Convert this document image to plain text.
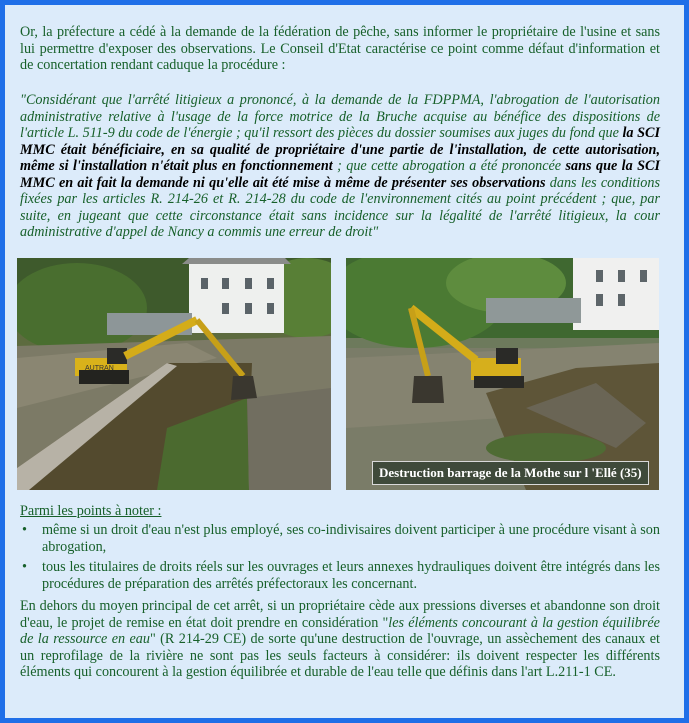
Or, la préfecture a cédé à la demande de la fédération de pêche, sans informer le propriétaire de l'usine et sans lui permettre d'exposer des observations. Le Conseil d'Etat caractérise ce point comme défaut d'information et de concertation rendant caduque la procédure :
"Considérant que l'arrêté litigieux a prononcé, à la demande de la FDPPMA, l'abrogation de l'autorisation administrative relative à l'usage de la force motrice de la Bruche acquise au bénéfice des dispositions de l'article L. 511-9 du code de l'énergie ; qu'il ressort des pièces du dossier soumises aux juges du fond que la SCI MMC était bénéficiaire, en sa qualité de propriétaire d'une partie de l'installation, de cette autorisation, même si l'installation n'était plus en fonctionnement ; que cette abrogation a été prononcée sans que la SCI MMC en ait fait la demande ni qu'elle ait été mise à même de présenter ses observations dans les conditions fixées par les articles R. 214-26 et R. 214-28 du code de l'environnement cités au point précédent ; que, par suite, en jugeant que cette circonstance était sans incidence sur la légalité de l'arrêté litigieux, la cour administrative d'appel de Nancy a commis une erreur de droit"
AUTRAN
Destruction barrage de la Mothe sur l 'Ellé (35)
Parmi les points à noter :
• même si un droit d'eau n'est plus employé, ses co-indivisaires doivent participer à une procédure visant à son abrogation,
• tous les titulaires de droits réels sur les ouvrages et leurs annexes hydrauliques doivent être intégrés dans les procédures de préparation des arrêtés préfectoraux les concernant.
En dehors du moyen principal de cet arrêt, si un propriétaire cède aux pressions diverses et abandonne son droit d'eau, le projet de remise en état doit prendre en considération "les éléments concourant à la gestion équilibrée de la ressource en eau" (R 214-29 CE) de sorte qu'une destruction de l'ouvrage, un assèchement des canaux et un reprofilage de la rivière ne sont pas les seuls facteurs à considérer: ils doivent respecter les différents éléments qui concourent à la gestion équilibrée et durable de l'eau telle que définis dans l'art L.211-1 CE.
